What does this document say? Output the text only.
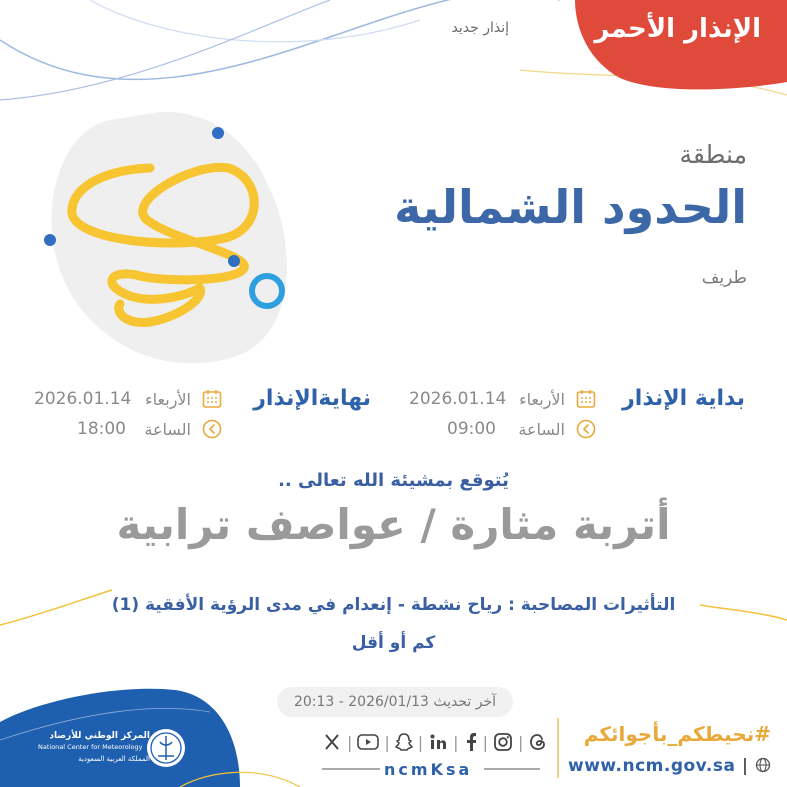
الإنذار الأحمر
إنذار جديد
منطقة
الحدود الشمالية
طريف
بداية الإنذار
الأربعاء
2026.01.14
الساعة
09:00
نهايةالإنذار
الأربعاء
2026.01.14
الساعة
18:00
يُتوقع بمشيئة الله تعالى ..
أتربة مثارة / عواصف ترابية
التأثيرات المصاحبة : رياح نشطة - إنعدام في مدى الرؤية الأفقية (1)
كم أو أقل
آخر تحديث 2026/01/13 - 20:13
#نحيطكم_بأجوائكم
www.ncm.gov.sa |
| | | | | |
ncmKsa
المركز الوطني للأرصاد
National Center for Meteorology
المملكة العربية السعودية
